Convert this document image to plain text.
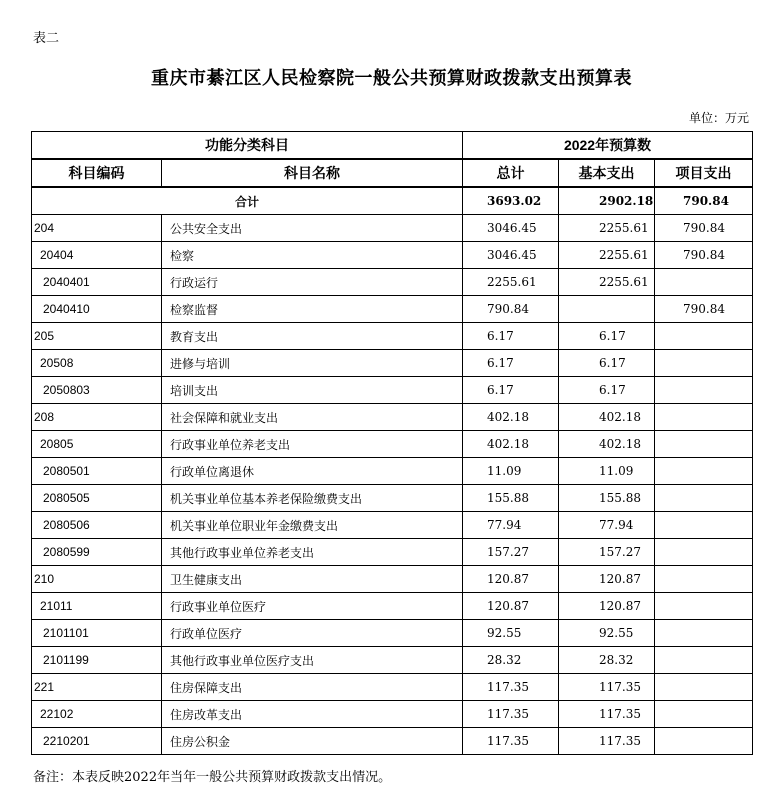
表二
重庆市綦江区人民检察院一般公共预算财政拨款支出预算表
单位：万元
功能分类科目		2022年预算数		
科目编码	科目名称	总计	基本支出	项目支出
合计		3693.02	2902.18	790.84
204	公共安全支出	3046.45	2255.61	790.84
20404	检察	3046.45	2255.61	790.84
2040401	行政运行	2255.61	2255.61	
2040410	检察监督	790.84		790.84
205	教育支出	6.17	6.17	
20508	进修与培训	6.17	6.17	
2050803	培训支出	6.17	6.17	
208	社会保障和就业支出	402.18	402.18	
20805	行政事业单位养老支出	402.18	402.18	
2080501	行政单位离退休	11.09	11.09	
2080505	机关事业单位基本养老保险缴费支出	155.88	155.88	
2080506	机关事业单位职业年金缴费支出	77.94	77.94	
2080599	其他行政事业单位养老支出	157.27	157.27	
210	卫生健康支出	120.87	120.87	
21011	行政事业单位医疗	120.87	120.87	
2101101	行政单位医疗	92.55	92.55	
2101199	其他行政事业单位医疗支出	28.32	28.32	
221	住房保障支出	117.35	117.35	
22102	住房改革支出	117.35	117.35	
2210201	住房公积金	117.35	117.35	
备注：本表反映2022年当年一般公共预算财政拨款支出情况。
